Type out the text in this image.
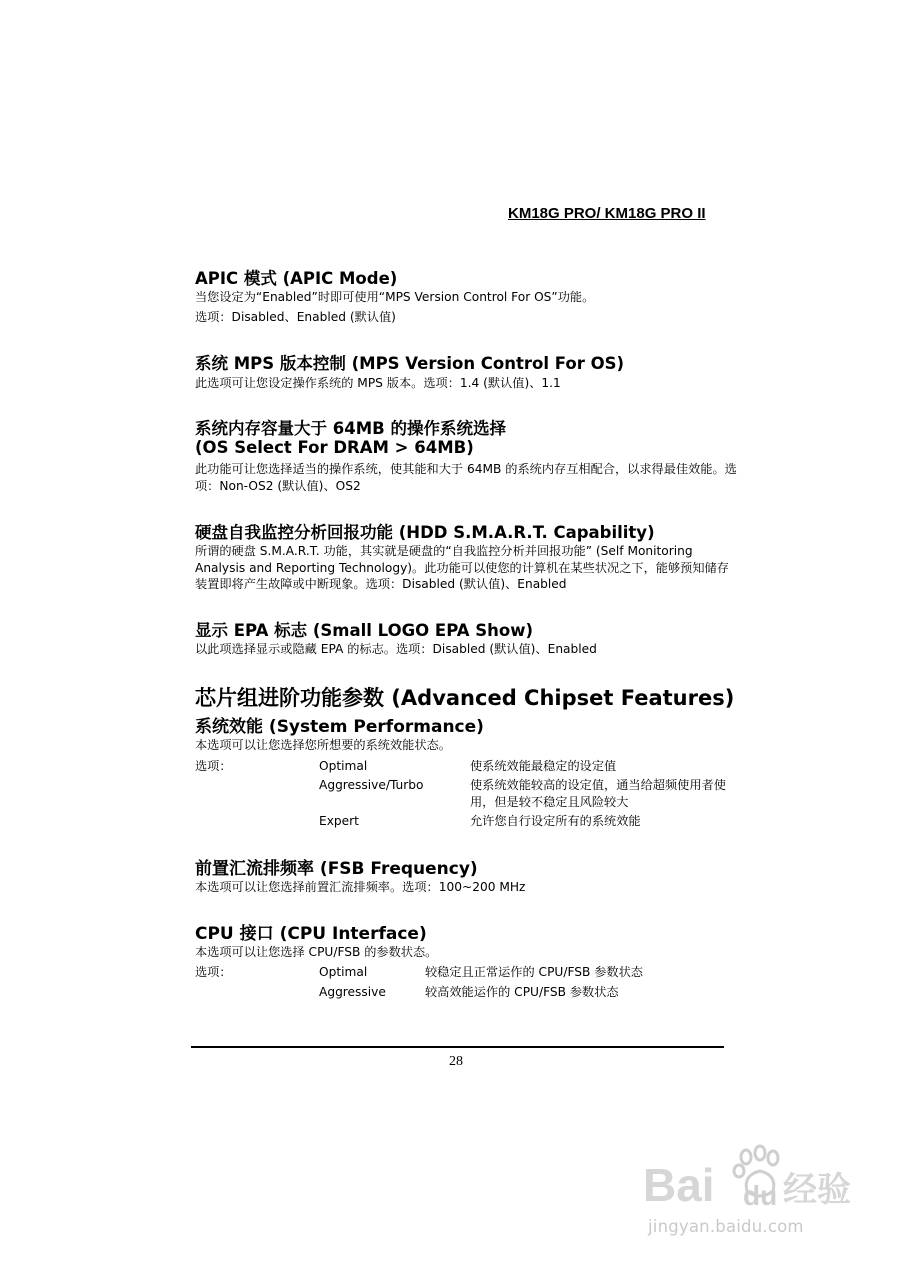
KM18G PRO/ KM18G PRO II
APIC 模式 (APIC Mode)
当您设定为“Enabled”时即可使用“MPS Version Control For OS”功能。
选项：Disabled、Enabled (默认值)
系统 MPS 版本控制 (MPS Version Control For OS)
此选项可让您设定操作系统的 MPS 版本。选项：1.4 (默认值)、1.1
系统内存容量大于 64MB 的操作系统选择
(OS Select For DRAM > 64MB)
此功能可让您选择适当的操作系统，使其能和大于 64MB 的系统内存互相配合，以求得最佳效能。选项：Non-OS2 (默认值)、OS2
硬盘自我监控分析回报功能 (HDD S.M.A.R.T. Capability)
所谓的硬盘 S.M.A.R.T. 功能，其实就是硬盘的“自我监控分析并回报功能” (Self Monitoring Analysis and Reporting Technology)。此功能可以使您的计算机在某些状况之下，能够预知储存装置即将产生故障或中断现象。选项：Disabled (默认值)、Enabled
显示 EPA 标志 (Small LOGO EPA Show)
以此项选择显示或隐藏 EPA 的标志。选项：Disabled (默认值)、Enabled
芯片组进阶功能参数 (Advanced Chipset Features)
系统效能 (System Performance)
本选项可以让您选择您所想要的系统效能状态。
选项：	Optimal	使系统效能最稳定的设定值
Aggressive/Turbo	使系统效能较高的设定值，通当给超频使用者使用，但是较不稳定且风险较大
Expert	允许您自行设定所有的系统效能
前置汇流排频率 (FSB Frequency)
本选项可以让您选择前置汇流排频率。选项：100~200 MHz
CPU 接口 (CPU Interface)
本选项可以让您选择 CPU/FSB 的参数状态。
选项：	Optimal	较稳定且正常运作的 CPU/FSB 参数状态
Aggressive	较高效能运作的 CPU/FSB 参数状态
28
Bai du 经验
jingyan.baidu.com
